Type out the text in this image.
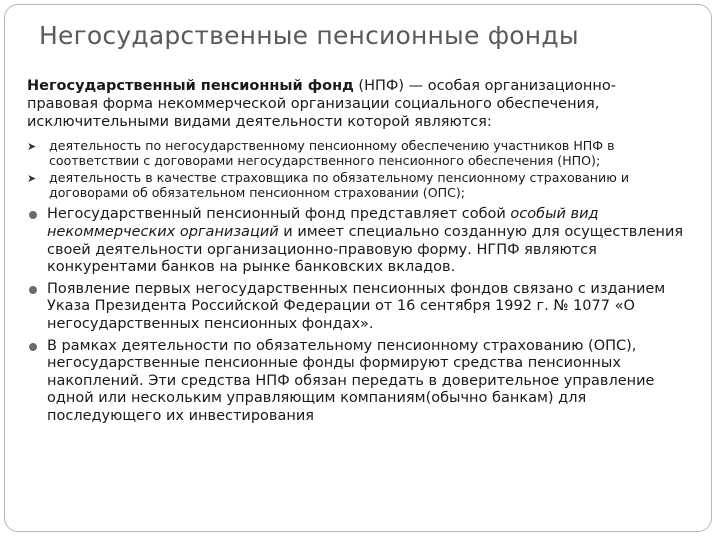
Негосударственные пенсионные фонды
Негосударственный пенсионный фонд (НПФ) — особая организационно-правовая форма некоммерческой организации социального обеспечения, исключительными видами деятельности которой являются:
➤ деятельность по негосударственному пенсионному обеспечению участников НПФ в соответствии с договорами негосударственного пенсионного обеспечения (НПО);
➤ деятельность в качестве страховщика по обязательному пенсионному страхованию и договорами об обязательном пенсионном страховании (ОПС);
Негосударственный пенсионный фонд представляет собой особый вид некоммерческих организаций и имеет специально созданную для осуществления своей деятельности организационно-правовую форму. НГПФ являются конкурентами банков на рынке банковских вкладов.
Появление первых негосударственных пенсионных фондов связано с изданием Указа Президента Российской Федерации от 16 сентября 1992 г. № 1077 «О негосударственных пенсионных фондах».
В рамках деятельности по обязательному пенсионному страхованию (ОПС), негосударственные пенсионные фонды формируют средства пенсионных накоплений. Эти средства НПФ обязан передать в доверительное управление одной или нескольким управляющим компаниям(обычно банкам) для последующего их инвестирования
